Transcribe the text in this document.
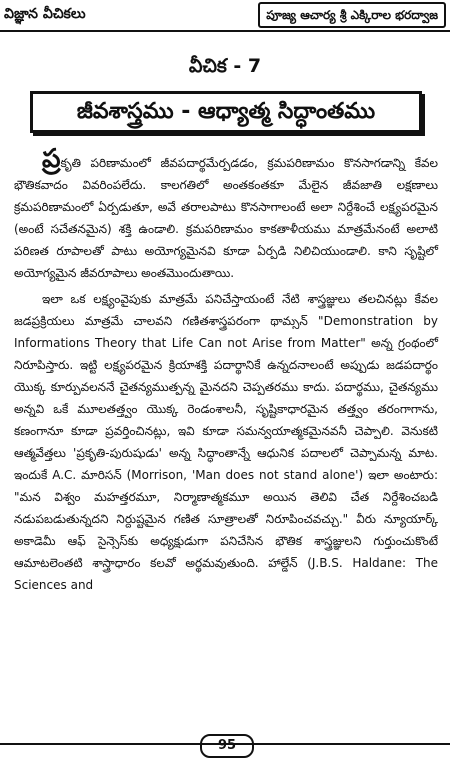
విజ్ఞాన వీచికలు	పూజ్య ఆచార్య శ్రీ ఎక్కిరాల భరద్వాజ
వీచిక - 7
జీవశాస్త్రము - ఆధ్యాత్మ సిద్ధాంతము

ప్రకృతి పరిణామంలో జీవపదార్థమేర్పడడం, క్రమపరిణామం కొనసాగడాన్ని కేవల భౌతికవాదం వివరింపలేదు. కాలగతిలో అంతకంతకూ మేలైన జీవజాతి లక్షణాలు క్రమపరిణామంలో ఏర్పడుతూ, అవే తరాలపాటు కొనసాగాలంటే అలా నిర్దేశించే లక్ష్యపరమైన (అంటే సచేతనమైన) శక్తి ఉండాలి. క్రమపరిణామం కాకతాళీయము మాత్రమేనంటే అలాటి పరిణత రూపాలతో పాటు అయోగ్యమైనవి కూడా ఏర్పడి నిలిచియుండాలి. కాని సృష్టిలో అయోగ్యమైన జీవరూపాలు అంతమొందుతాయి.

ఇలా ఒక లక్ష్యంవైపుకు మాత్రమే పనిచేస్తాయంటే నేటి శాస్త్రజ్ఞులు తలచినట్లు కేవల జడప్రక్రియలు మాత్రమే చాలవని గణితశాస్త్రపరంగా థామ్సన్ "Demonstration by Informations Theory that Life Can not Arise from Matter" అన్న గ్రంథంలో నిరూపిస్తారు. ఇట్టి లక్ష్యపరమైన క్రియాశక్తి పదార్థానికే ఉన్నదనాలంటే అప్పుడు జడపదార్థం యొక్క కూర్పువలననే చైతన్యముత్పన్న మైనదని చెప్పతరము కాదు. పదార్థము, చైతన్యము అన్నవి ఒకే మూలతత్త్వం యొక్క రెండంశాలనీ, సృష్టికాధారమైన తత్త్వం తరంగాగాను, కణంగానూ కూడా ప్రవర్తించినట్లు, ఇవి కూడా సమన్వయాత్మకమైనవనీ చెప్పాలి. వెనుకటి ఆత్మవేత్తలు 'ప్రకృతి-పురుషుడు' అన్న సిద్ధాంతాన్నే ఆధునిక పదాలలో చెప్పామన్న మాట. ఇందుకే A.C. మారిసన్ (Morrison, 'Man does not stand alone') ఇలా అంటారు: "మన విశ్వం మహత్తరమూ, నిర్మాణాత్మకమూ అయిన తెలివి చేత నిర్దేశించబడి నడుపబడుతున్నదని నిర్దుష్టమైన గణిత సూత్రాలతో నిరూపించవచ్చు." వీరు న్యూయార్క్ అకాడెమీ ఆఫ్ సైన్సెస్‌కు అధ్యక్షుడుగా పనిచేసిన భౌతిక శాస్త్రజ్ఞులని గుర్తుంచుకొంటే ఆమాటలెంతటి శాస్త్రాధారం కలవో అర్థమవుతుంది. హాల్డేన్ (J.B.S. Haldane: The Sciences and

95
